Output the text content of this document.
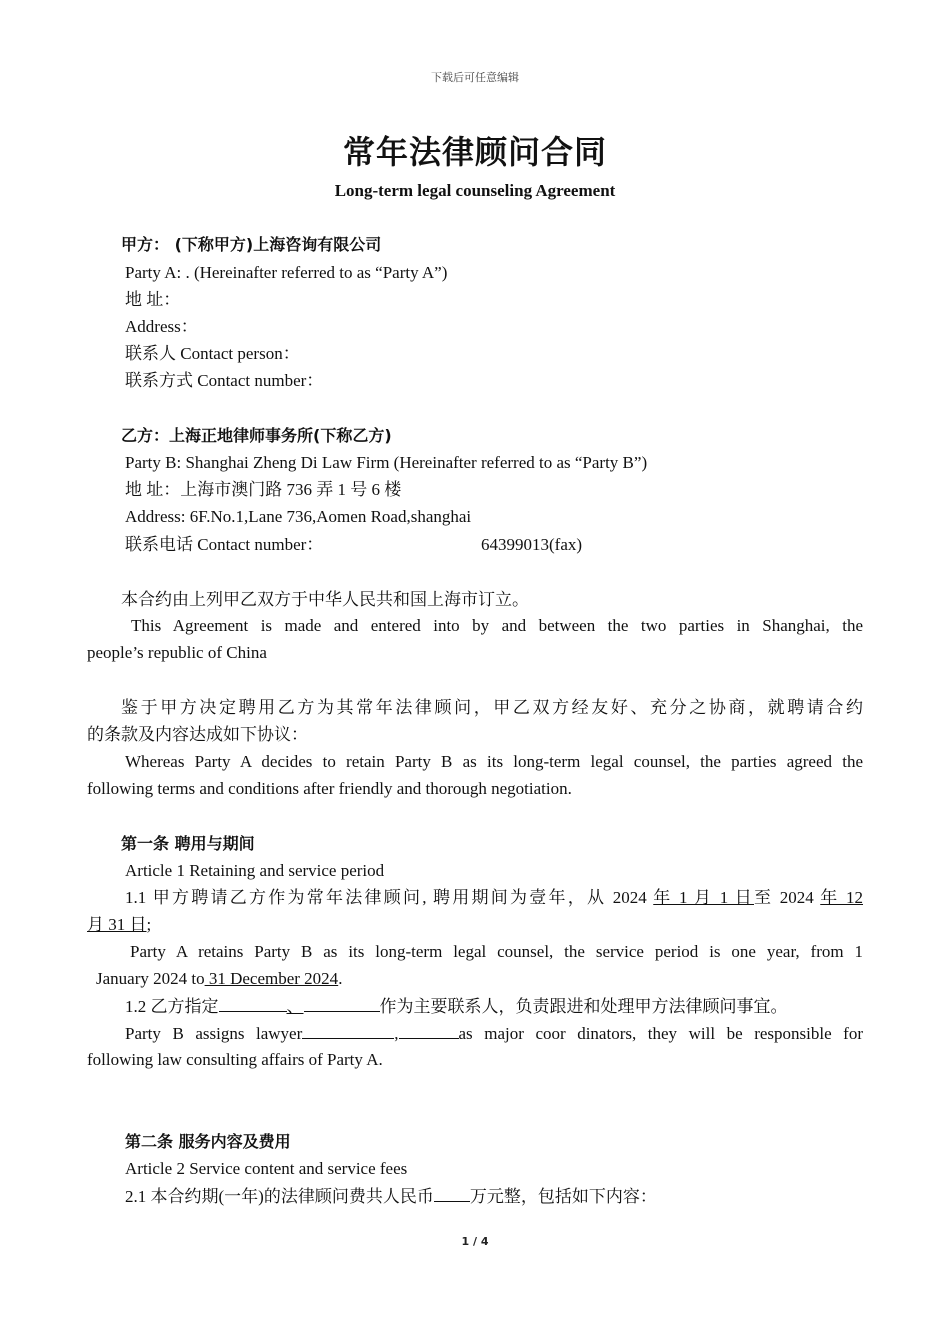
下载后可任意编辑
常年法律顾问合同
Long-term legal counseling Agreement
甲方： (下称甲方)上海咨询有限公司
Party A: . (Hereinafter referred to as “Party A”)
地 址：
Address：
联系人 Contact person：
联系方式 Contact number：
乙方：上海正地律师事务所(下称乙方)
Party B: Shanghai Zheng Di Law Firm (Hereinafter referred to as “Party B”)
地 址：上海市澳门路 736 弄 1 号 6 楼
Address: 6F.No.1,Lane 736,Aomen Road,shanghai
联系电话 Contact number：	64399013(fax)
本合约由上列甲乙双方于中华人民共和国上海市订立。
This Agreement is made and entered into by and between the two parties in Shanghai, the
people’s republic of China
鉴于甲方决定聘用乙方为其常年法律顾问，甲乙双方经友好、充分之协商，就聘请合约
的条款及内容达成如下协议：
Whereas Party A decides to retain Party B as its long-term legal counsel, the parties agreed the
following terms and conditions after friendly and thorough negotiation.
第一条 聘用与期间
Article 1 Retaining and service period
1.1 甲方聘请乙方作为常年法律顾问, 聘用期间为壹年，从 2024 年 1 月 1 日至 2024 年 12
月 31 日;
Party A retains Party B as its long-term legal counsel, the service period is one year, from 1
January 2024 to 31 December 2024.
1.2 乙方指定	、	作为主要联系人，负责跟进和处理甲方法律顾问事宜。
Party B assigns lawyer	,	as major coor dinators, they will be responsible for
following law consulting affairs of Party A.
第二条 服务内容及费用
Article 2 Service content and service fees
2.1 本合约期(一年)的法律顾问费共人民币 万元整，包括如下内容：
1 / 4
